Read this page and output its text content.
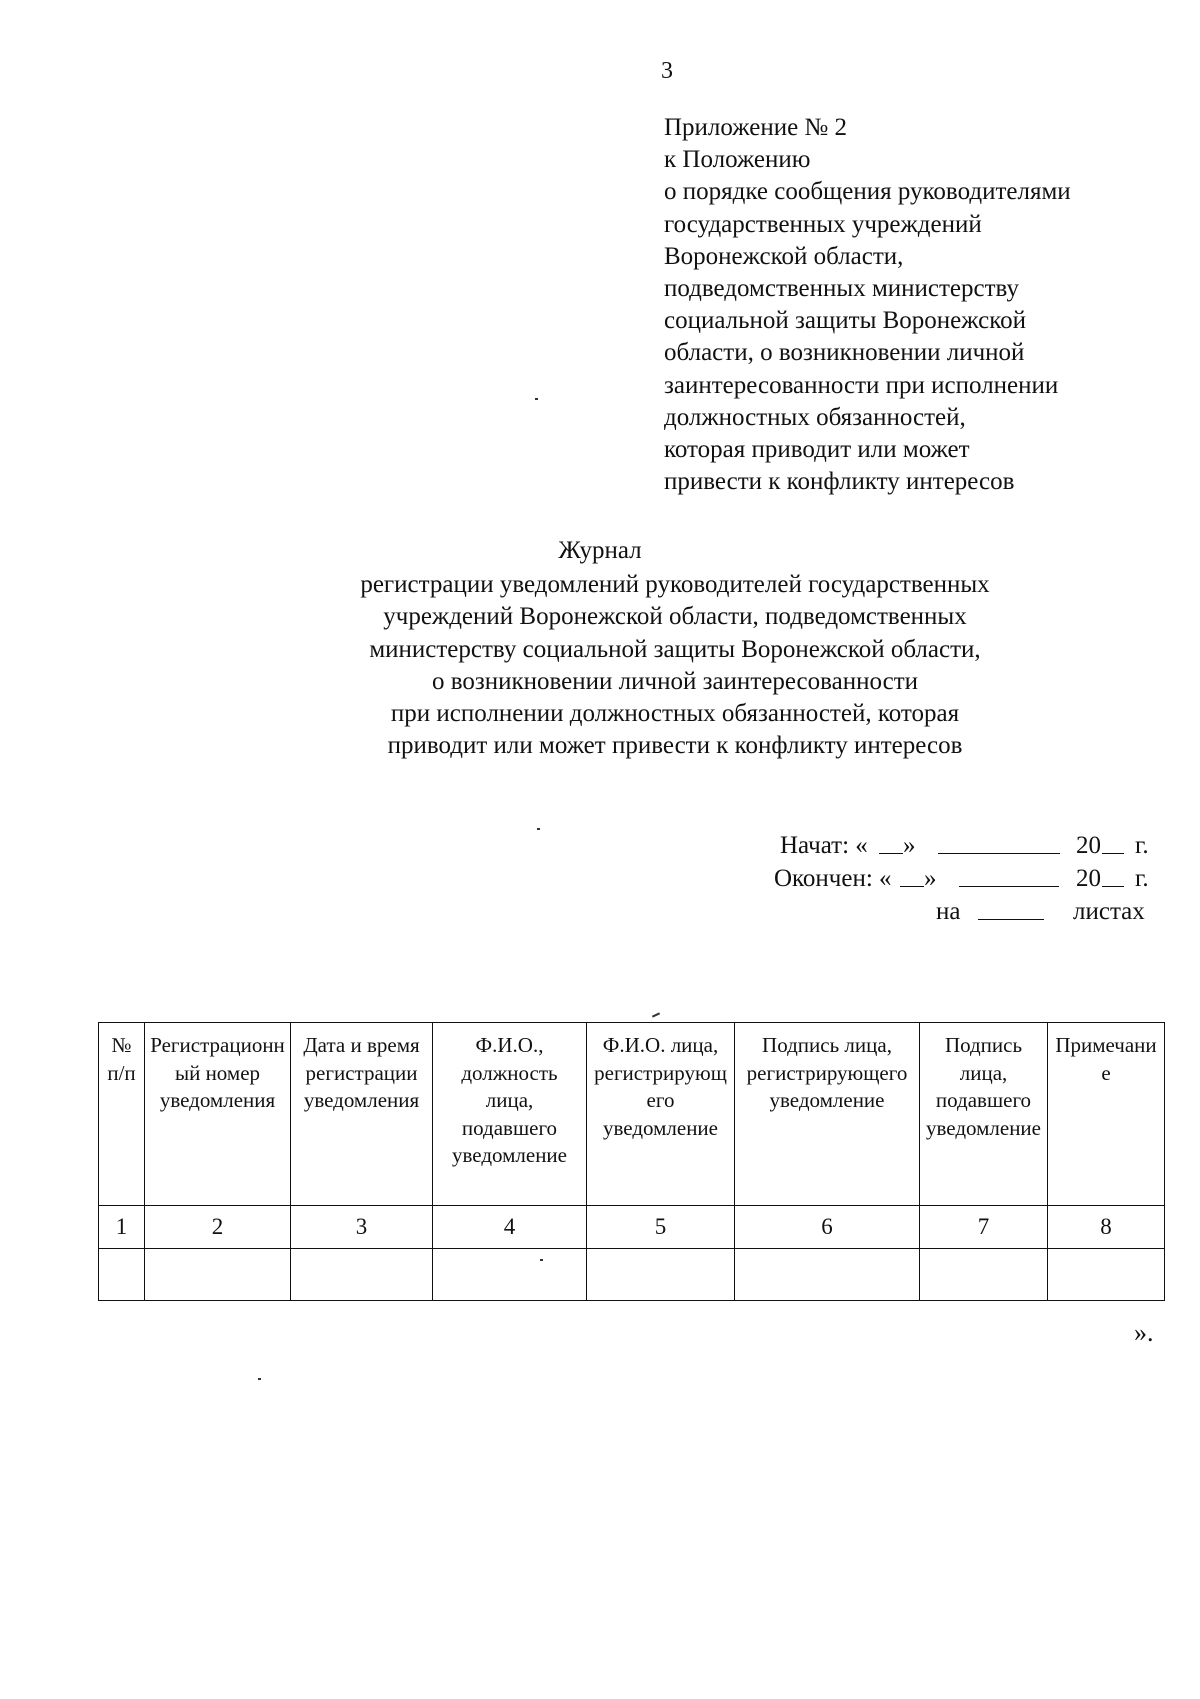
3
Приложение № 2
к Положению
о порядке сообщения руководителями
государственных учреждений
Воронежской области,
подведомственных министерству
социальной защиты Воронежской
области, о возникновении личной
заинтересованности при исполнении
должностных обязанностей,
которая приводит или может
привести к конфликту интересов
Журнал
регистрации уведомлений руководителей государственных
учреждений Воронежской области, подведомственных
министерству социальной защиты Воронежской области,
о возникновении личной заинтересованности
при исполнении должностных обязанностей, которая
приводит или может привести к конфликту интересов
Начат: « »	20 г.
Окончен: « »	20 г.
на	листах
№ п/п	Регистрационный номер уведомления	Дата и время регистрации уведомления	Ф.И.О., должность лица, подавшего уведомление	Ф.И.О. лица, регистрирующего уведомление	Подпись лица, регистрирующего уведомление	Подпись лица, подавшего уведомление	Примечание
1	2	3	4	5	6	7	8

».
